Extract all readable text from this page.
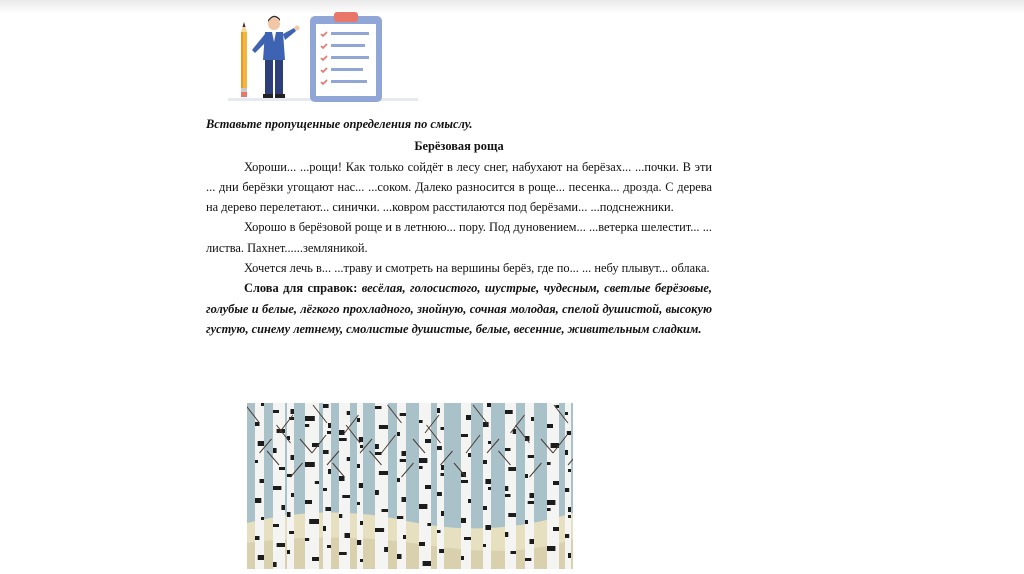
Вставьте пропущенные определения по смыслу.

Берёзовая роща

Хороши... ...рощи! Как только сойдёт в лесу снег, набухают на берёзах... ...почки. В эти ... дни берёзки угощают нас... ...соком. Далеко разносится в роще... песенка... дрозда. С дерева на дерево перелетают... синички. ...ковром расстилаются под берёзами... ...подснежники.

Хорошо в берёзовой роще и в летнюю... пору. Под дуновением... ...ветерка шелестит... ... листва. Пахнет......земляникой.

Хочется лечь в... ...траву и смотреть на вершины берёз, где по... ... небу плывут... облака.

Слова для справок: весёлая, голосистого, шустрые, чудесным, светлые берёзовые, голубые и белые, лёгкого прохладного, знойную, сочная молодая, спелой душистой, высокую густую, синему летнему, смолистые душистые, белые, весенние, живительным сладким.
